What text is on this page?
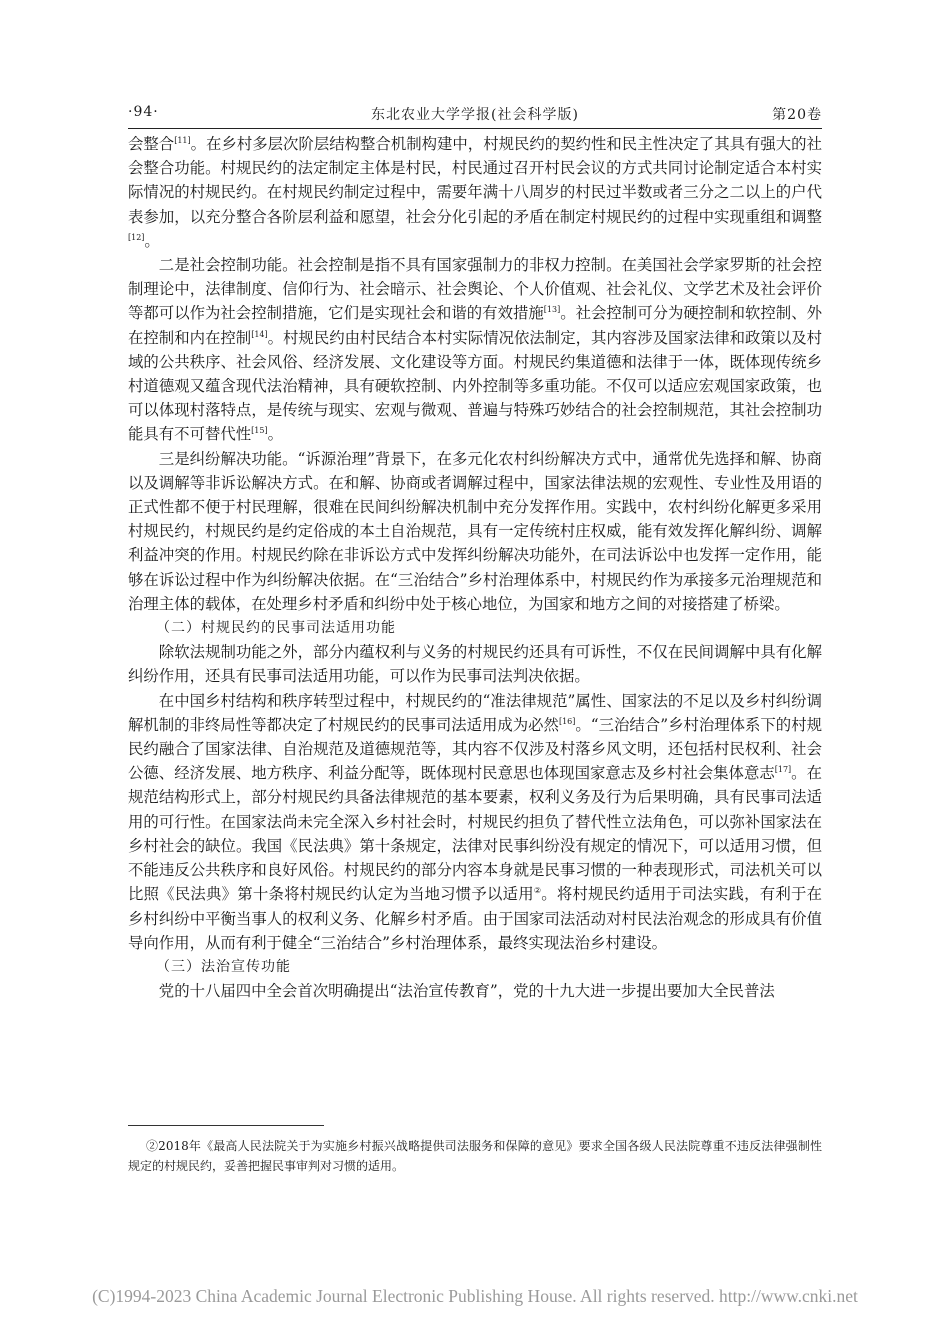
·94·	东北农业大学学报(社会科学版)	第20卷

会整合[11]。在乡村多层次阶层结构整合机制构建中，村规民约的契约性和民主性决定了其具有强大的社会整合功能。村规民约的法定制定主体是村民，村民通过召开村民会议的方式共同讨论制定适合本村实际情况的村规民约。在村规民约制定过程中，需要年满十八周岁的村民过半数或者三分之二以上的户代表参加，以充分整合各阶层利益和愿望，社会分化引起的矛盾在制定村规民约的过程中实现重组和调整[12]。

二是社会控制功能。社会控制是指不具有国家强制力的非权力控制。在美国社会学家罗斯的社会控制理论中，法律制度、信仰行为、社会暗示、社会舆论、个人价值观、社会礼仪、文学艺术及社会评价等都可以作为社会控制措施，它们是实现社会和谐的有效措施[13]。社会控制可分为硬控制和软控制、外在控制和内在控制[14]。村规民约由村民结合本村实际情况依法制定，其内容涉及国家法律和政策以及村域的公共秩序、社会风俗、经济发展、文化建设等方面。村规民约集道德和法律于一体，既体现传统乡村道德观又蕴含现代法治精神，具有硬软控制、内外控制等多重功能。不仅可以适应宏观国家政策，也可以体现村落特点，是传统与现实、宏观与微观、普遍与特殊巧妙结合的社会控制规范，其社会控制功能具有不可替代性[15]。

三是纠纷解决功能。“诉源治理”背景下，在多元化农村纠纷解决方式中，通常优先选择和解、协商以及调解等非诉讼解决方式。在和解、协商或者调解过程中，国家法律法规的宏观性、专业性及用语的正式性都不便于村民理解，很难在民间纠纷解决机制中充分发挥作用。实践中，农村纠纷化解更多采用村规民约，村规民约是约定俗成的本土自治规范，具有一定传统村庄权威，能有效发挥化解纠纷、调解利益冲突的作用。村规民约除在非诉讼方式中发挥纠纷解决功能外，在司法诉讼中也发挥一定作用，能够在诉讼过程中作为纠纷解决依据。在“三治结合”乡村治理体系中，村规民约作为承接多元治理规范和治理主体的载体，在处理乡村矛盾和纠纷中处于核心地位，为国家和地方之间的对接搭建了桥梁。

（二）村规民约的民事司法适用功能

除软法规制功能之外，部分内蕴权利与义务的村规民约还具有可诉性，不仅在民间调解中具有化解纠纷作用，还具有民事司法适用功能，可以作为民事司法判决依据。

在中国乡村结构和秩序转型过程中，村规民约的“准法律规范”属性、国家法的不足以及乡村纠纷调解机制的非终局性等都决定了村规民约的民事司法适用成为必然[16]。“三治结合”乡村治理体系下的村规民约融合了国家法律、自治规范及道德规范等，其内容不仅涉及村落乡风文明，还包括村民权利、社会公德、经济发展、地方秩序、利益分配等，既体现村民意思也体现国家意志及乡村社会集体意志[17]。在规范结构形式上，部分村规民约具备法律规范的基本要素，权利义务及行为后果明确，具有民事司法适用的可行性。在国家法尚未完全深入乡村社会时，村规民约担负了替代性立法角色，可以弥补国家法在乡村社会的缺位。我国《民法典》第十条规定，法律对民事纠纷没有规定的情况下，可以适用习惯，但不能违反公共秩序和良好风俗。村规民约的部分内容本身就是民事习惯的一种表现形式，司法机关可以比照《民法典》第十条将村规民约认定为当地习惯予以适用②。将村规民约适用于司法实践，有利于在乡村纠纷中平衡当事人的权利义务、化解乡村矛盾。由于国家司法活动对村民法治观念的形成具有价值导向作用，从而有利于健全“三治结合”乡村治理体系，最终实现法治乡村建设。

（三）法治宣传功能

党的十八届四中全会首次明确提出“法治宣传教育”，党的十九大进一步提出要加大全民普法

②2018年《最高人民法院关于为实施乡村振兴战略提供司法服务和保障的意见》要求全国各级人民法院尊重不违反法律强制性规定的村规民约，妥善把握民事审判对习惯的适用。
(C)1994-2023 China Academic Journal Electronic Publishing House. All rights reserved. http://www.cnki.net
